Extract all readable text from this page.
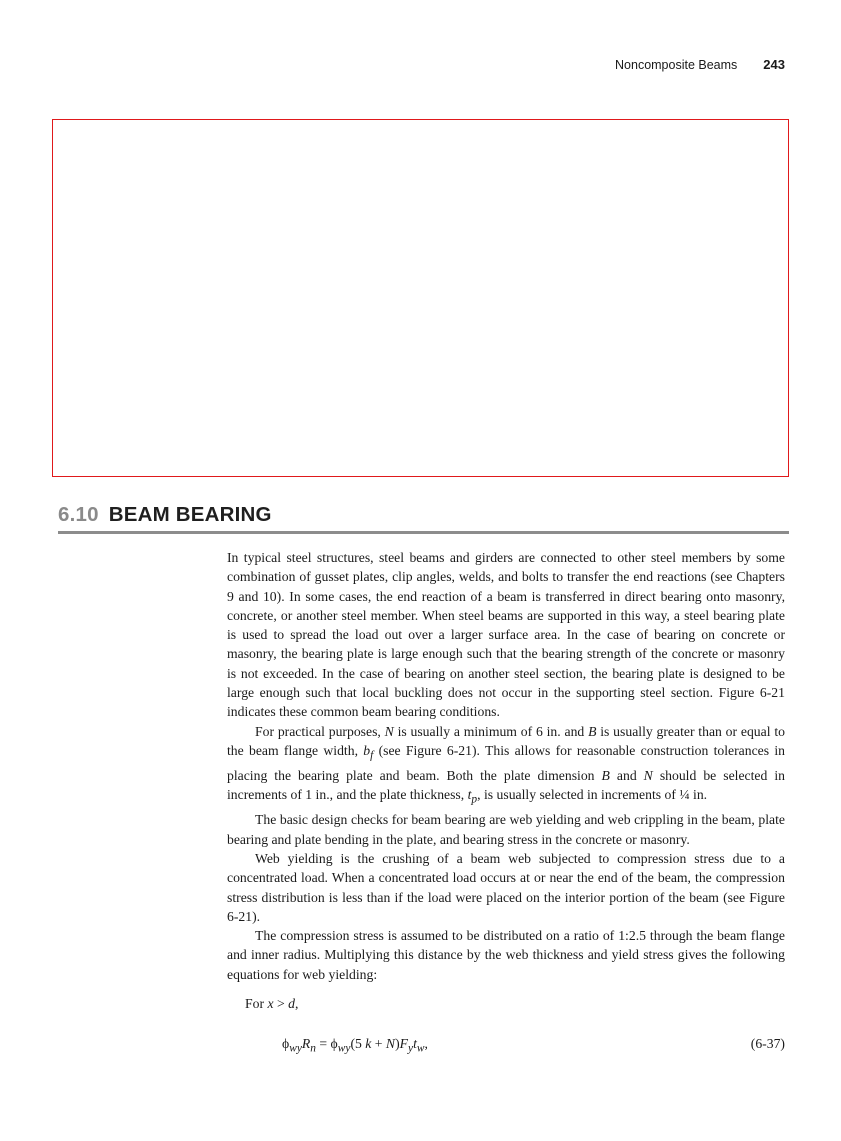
Noncomposite Beams 243
6.10 BEAM BEARING

In typical steel structures, steel beams and girders are connected to other steel members by some combination of gusset plates, clip angles, welds, and bolts to transfer the end reactions (see Chapters 9 and 10). In some cases, the end reaction of a beam is transferred in direct bearing onto masonry, concrete, or another steel member. When steel beams are supported in this way, a steel bearing plate is used to spread the load out over a larger surface area. In the case of bearing on concrete or masonry, the bearing plate is large enough such that the bearing strength of the concrete or masonry is not exceeded. In the case of bearing on another steel section, the bearing plate is designed to be large enough such that local buckling does not occur in the supporting steel section. Figure 6-21 indicates these common beam bearing conditions.

For practical purposes, N is usually a minimum of 6 in. and B is usually greater than or equal to the beam flange width, $b_f$ (see Figure 6-21). This allows for reasonable construction tolerances in placing the bearing plate and beam. Both the plate dimension B and N should be selected in increments of 1 in., and the plate thickness, $t_p$, is usually selected in increments of ¼ in.

The basic design checks for beam bearing are web yielding and web crippling in the beam, plate bearing and plate bending in the plate, and bearing stress in the concrete or masonry.

Web yielding is the crushing of a beam web subjected to compression stress due to a concentrated load. When a concentrated load occurs at or near the end of the beam, the compression stress distribution is less than if the load were placed on the interior portion of the beam (see Figure 6-21).

The compression stress is assumed to be distributed on a ratio of 1:2.5 through the beam flange and inner radius. Multiplying this distance by the web thickness and yield stress gives the following equations for web yielding:

For x > d,
$\phi_{wy}R_n = \phi_{wy}(5$ $k + N)F_yt_w$,	(6-37)
